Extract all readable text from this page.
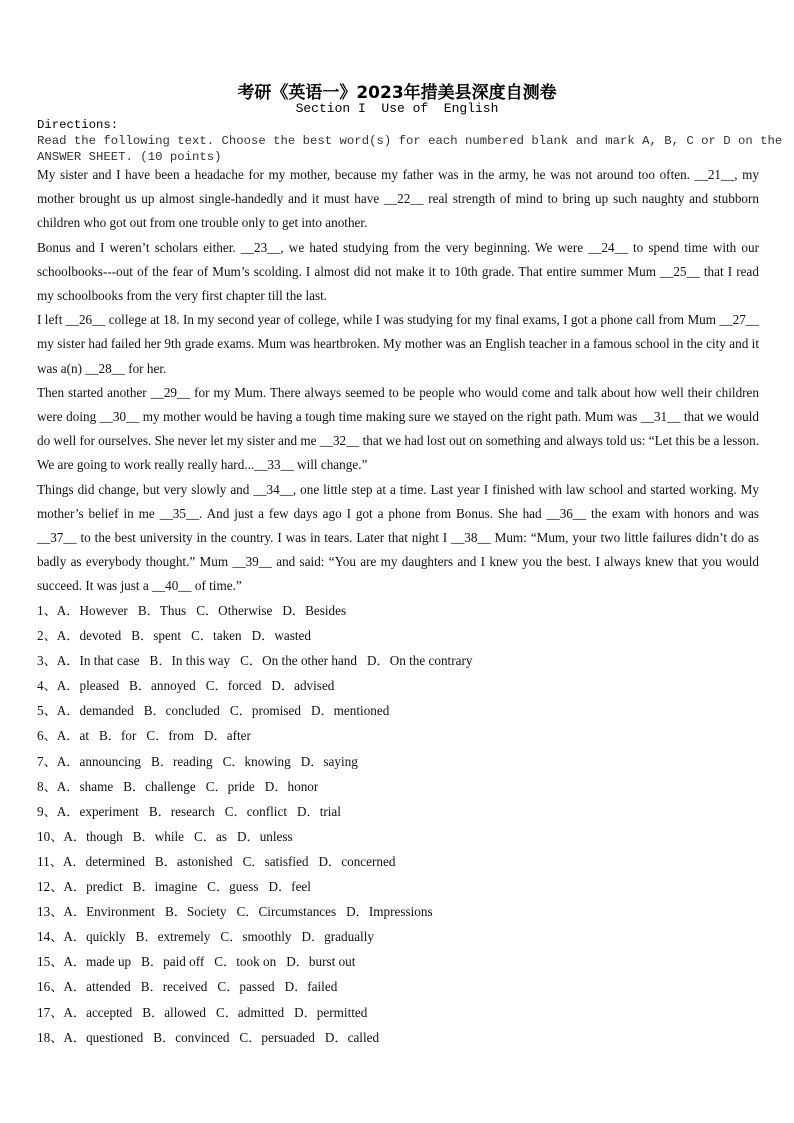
考研《英语一》2023年措美县深度自测卷
Section I  Use of  English
Directions:
Read the following text. Choose the best word(s) for each numbered blank and mark A, B, C or D on the
ANSWER SHEET. (10 points)

My sister and I have been a headache for my mother, because my father was in the army, he was not around too often. __21__, my mother brought us up almost single-handedly and it must have __22__ real strength of mind to bring up such naughty and stubborn children who got out from one trouble only to get into another.

Bonus and I weren’t scholars either. __23__, we hated studying from the very beginning. We were __24__ to spend time with our schoolbooks---out of the fear of Mum’s scolding. I almost did not make it to 10th grade. That entire summer Mum __25__ that I read my schoolbooks from the very first chapter till the last.

I left __26__ college at 18. In my second year of college, while I was studying for my final exams, I got a phone call from Mum __27__ my sister had failed her 9th grade exams. Mum was heartbroken. My mother was an English teacher in a famous school in the city and it was a(n) __28__ for her.

Then started another __29__ for my Mum. There always seemed to be people who would come and talk about how well their children were doing __30__ my mother would be having a tough time making sure we stayed on the right path. Mum was __31__ that we would do well for ourselves. She never let my sister and me __32__ that we had lost out on something and always told us: “Let this be a lesson. We are going to work really really hard...__33__ will change.”

Things did change, but very slowly and __34__, one little step at a time. Last year I finished with law school and started working. My mother’s belief in me __35__. And just a few days ago I got a phone from Bonus. She had __36__ the exam with honors and was __37__ to the best university in the country. I was in tears. Later that night I __38__ Mum: “Mum, your two little failures didn’t do as badly as everybody thought.” Mum __39__ and said: “You are my daughters and I knew you the best. I always knew that you would succeed. It was just a __40__ of time.”

1、A．However B．Thus C．Otherwise D．Besides
2、A．devoted B．spent C．taken D．wasted
3、A．In that case B．In this way C．On the other hand D．On the contrary
4、A．pleased B．annoyed C．forced D．advised
5、A．demanded B．concluded C．promised D．mentioned
6、A．at B．for C．from D．after
7、A．announcing B．reading C．knowing D．saying
8、A．shame B．challenge C．pride D．honor
9、A．experiment B．research C．conflict D．trial
10、A．though B．while C．as D．unless
11、A．determined B．astonished C．satisfied D．concerned
12、A．predict B．imagine C．guess D．feel
13、A．Environment B．Society C．Circumstances D．Impressions
14、A．quickly B．extremely C．smoothly D．gradually
15、A．made up B．paid off C．took on D．burst out
16、A．attended B．received C．passed D．failed
17、A．accepted B．allowed C．admitted D．permitted
18、A．questioned B．convinced C．persuaded D．called
